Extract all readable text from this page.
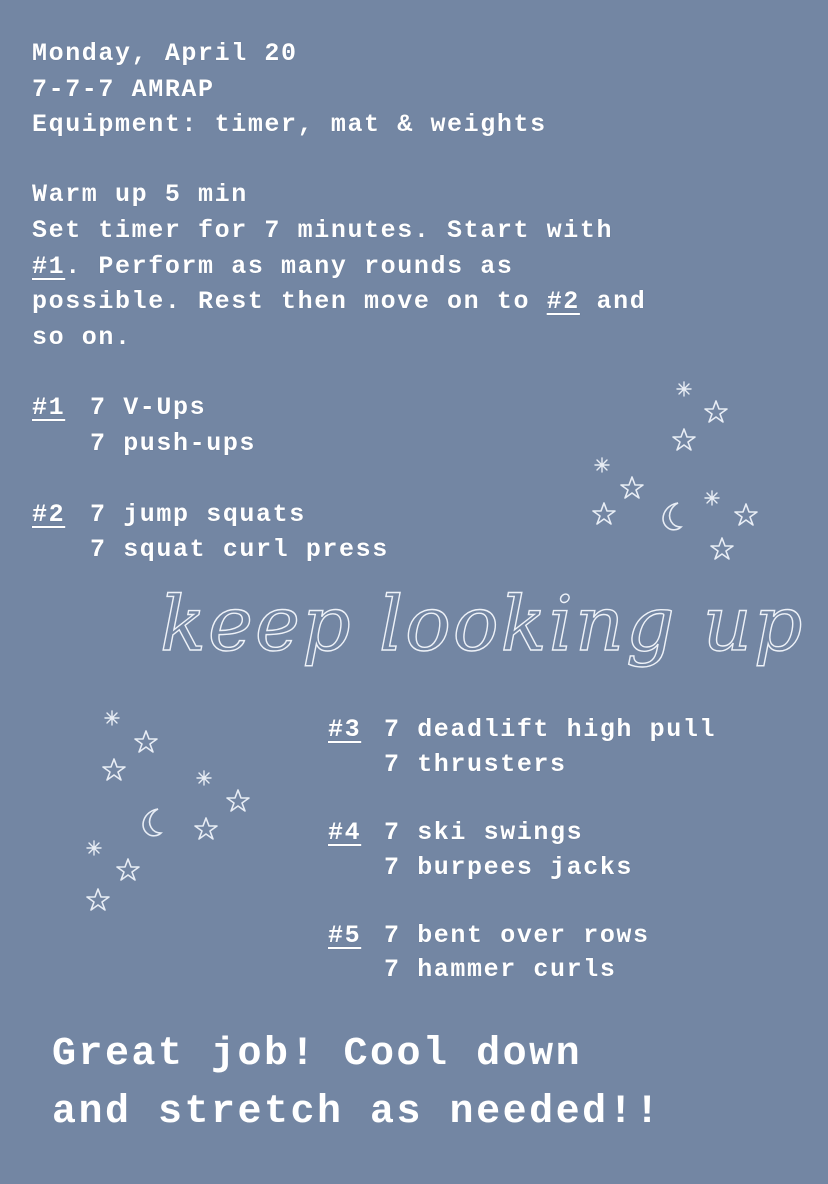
Monday, April 20
7-7-7 AMRAP
Equipment: timer, mat & weights
Warm up 5 min
Set timer for 7 minutes. Start with
#1. Perform as many rounds as
possible. Rest then move on to #2 and
so on.
#1 7 V-Ups
7 push-ups
#2 7 jump squats
7 squat curl press
#3 7 deadlift high pull
7 thrusters
#4 7 ski swings
7 burpees jacks
#5 7 bent over rows
7 hammer curls
Great job! Cool down
and stretch as needed!!
keep looking up
